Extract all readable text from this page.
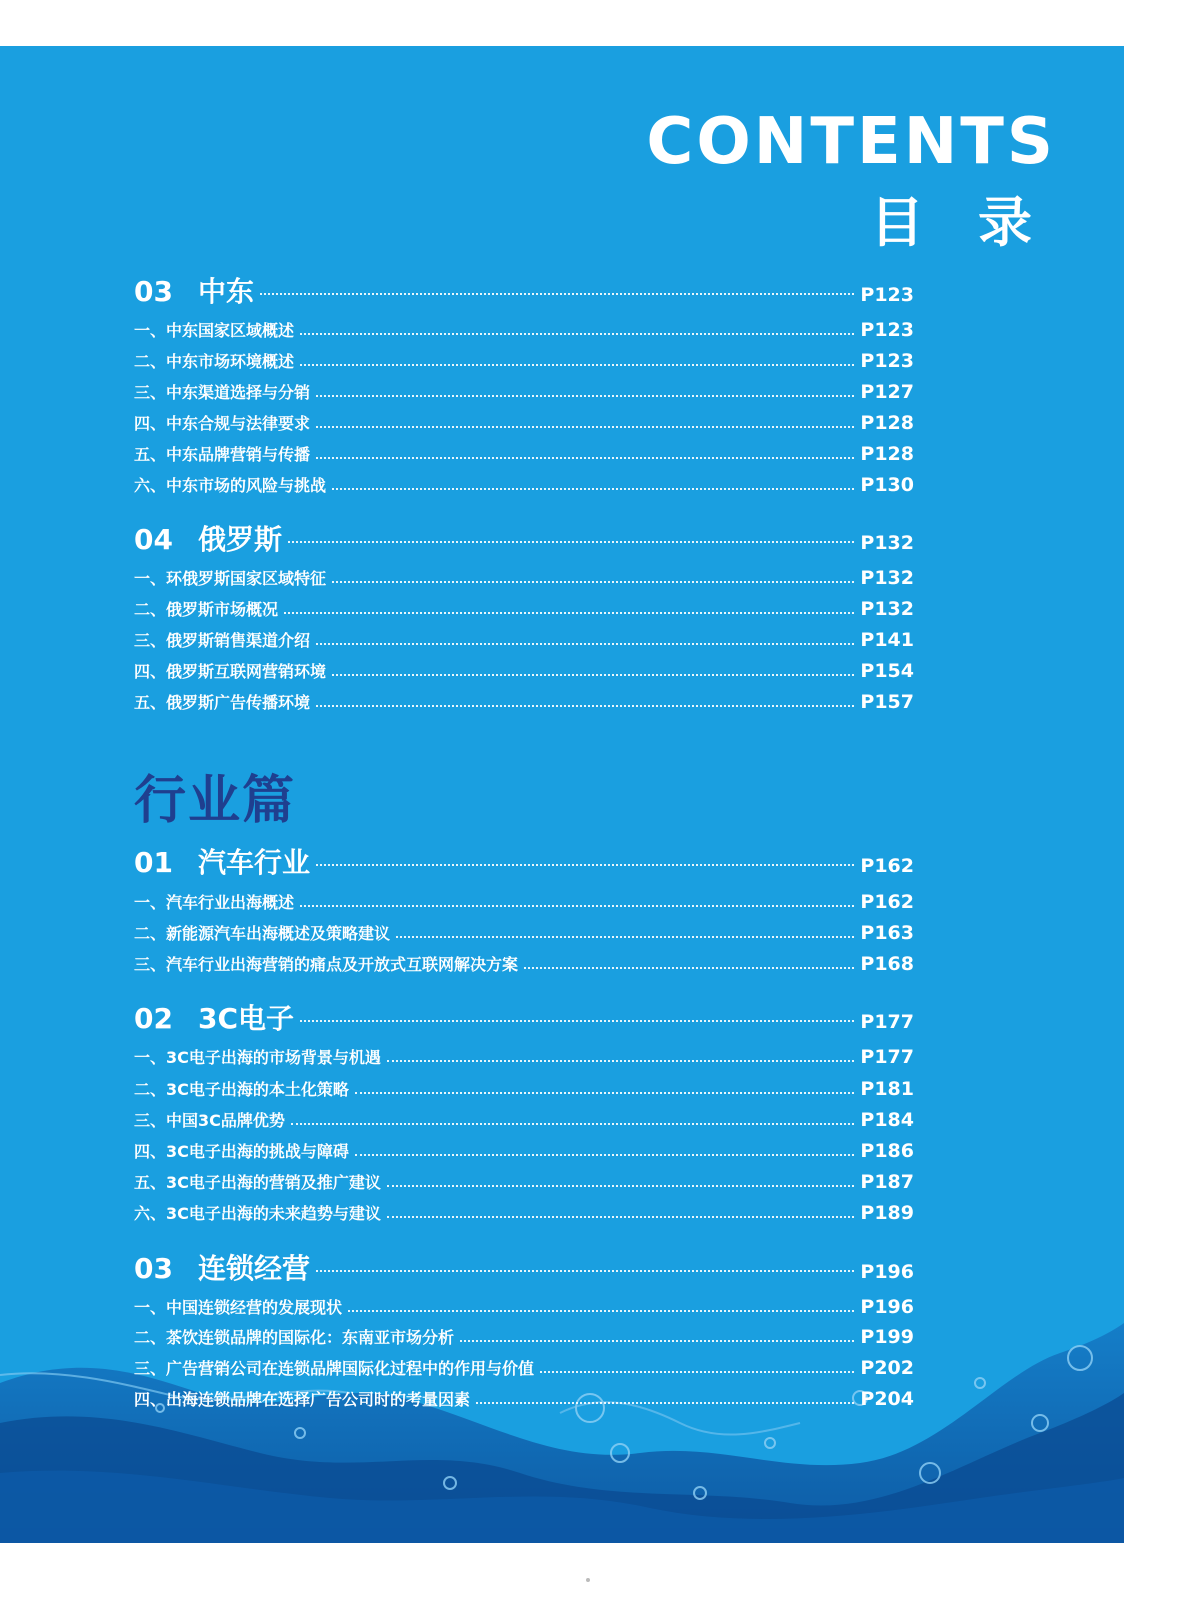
CONTENTS
目录
03 中东	P123
一、中东国家区域概述	P123
二、中东市场环境概述	P123
三、中东渠道选择与分销	P127
四、中东合规与法律要求	P128
五、中东品牌营销与传播	P128
六、中东市场的风险与挑战	P130
04 俄罗斯	P132
一、环俄罗斯国家区域特征	P132
二、俄罗斯市场概况	P132
三、俄罗斯销售渠道介绍	P141
四、俄罗斯互联网营销环境	P154
五、俄罗斯广告传播环境	P157
01 汽车行业	P162
一、汽车行业出海概述	P162
二、新能源汽车出海概述及策略建议	P163
三、汽车行业出海营销的痛点及开放式互联网解决方案	P168
02 3C电子	P177
一、3C电子出海的市场背景与机遇	P177
二、3C电子出海的本土化策略	P181
三、中国3C品牌优势	P184
四、3C电子出海的挑战与障碍	P186
五、3C电子出海的营销及推广建议	P187
六、3C电子出海的未来趋势与建议	P189
03 连锁经营	P196
一、中国连锁经营的发展现状	P196
二、茶饮连锁品牌的国际化：东南亚市场分析	P199
三、广告营销公司在连锁品牌国际化过程中的作用与价值	P202
四、出海连锁品牌在选择广告公司时的考量因素	P204
行业篇
